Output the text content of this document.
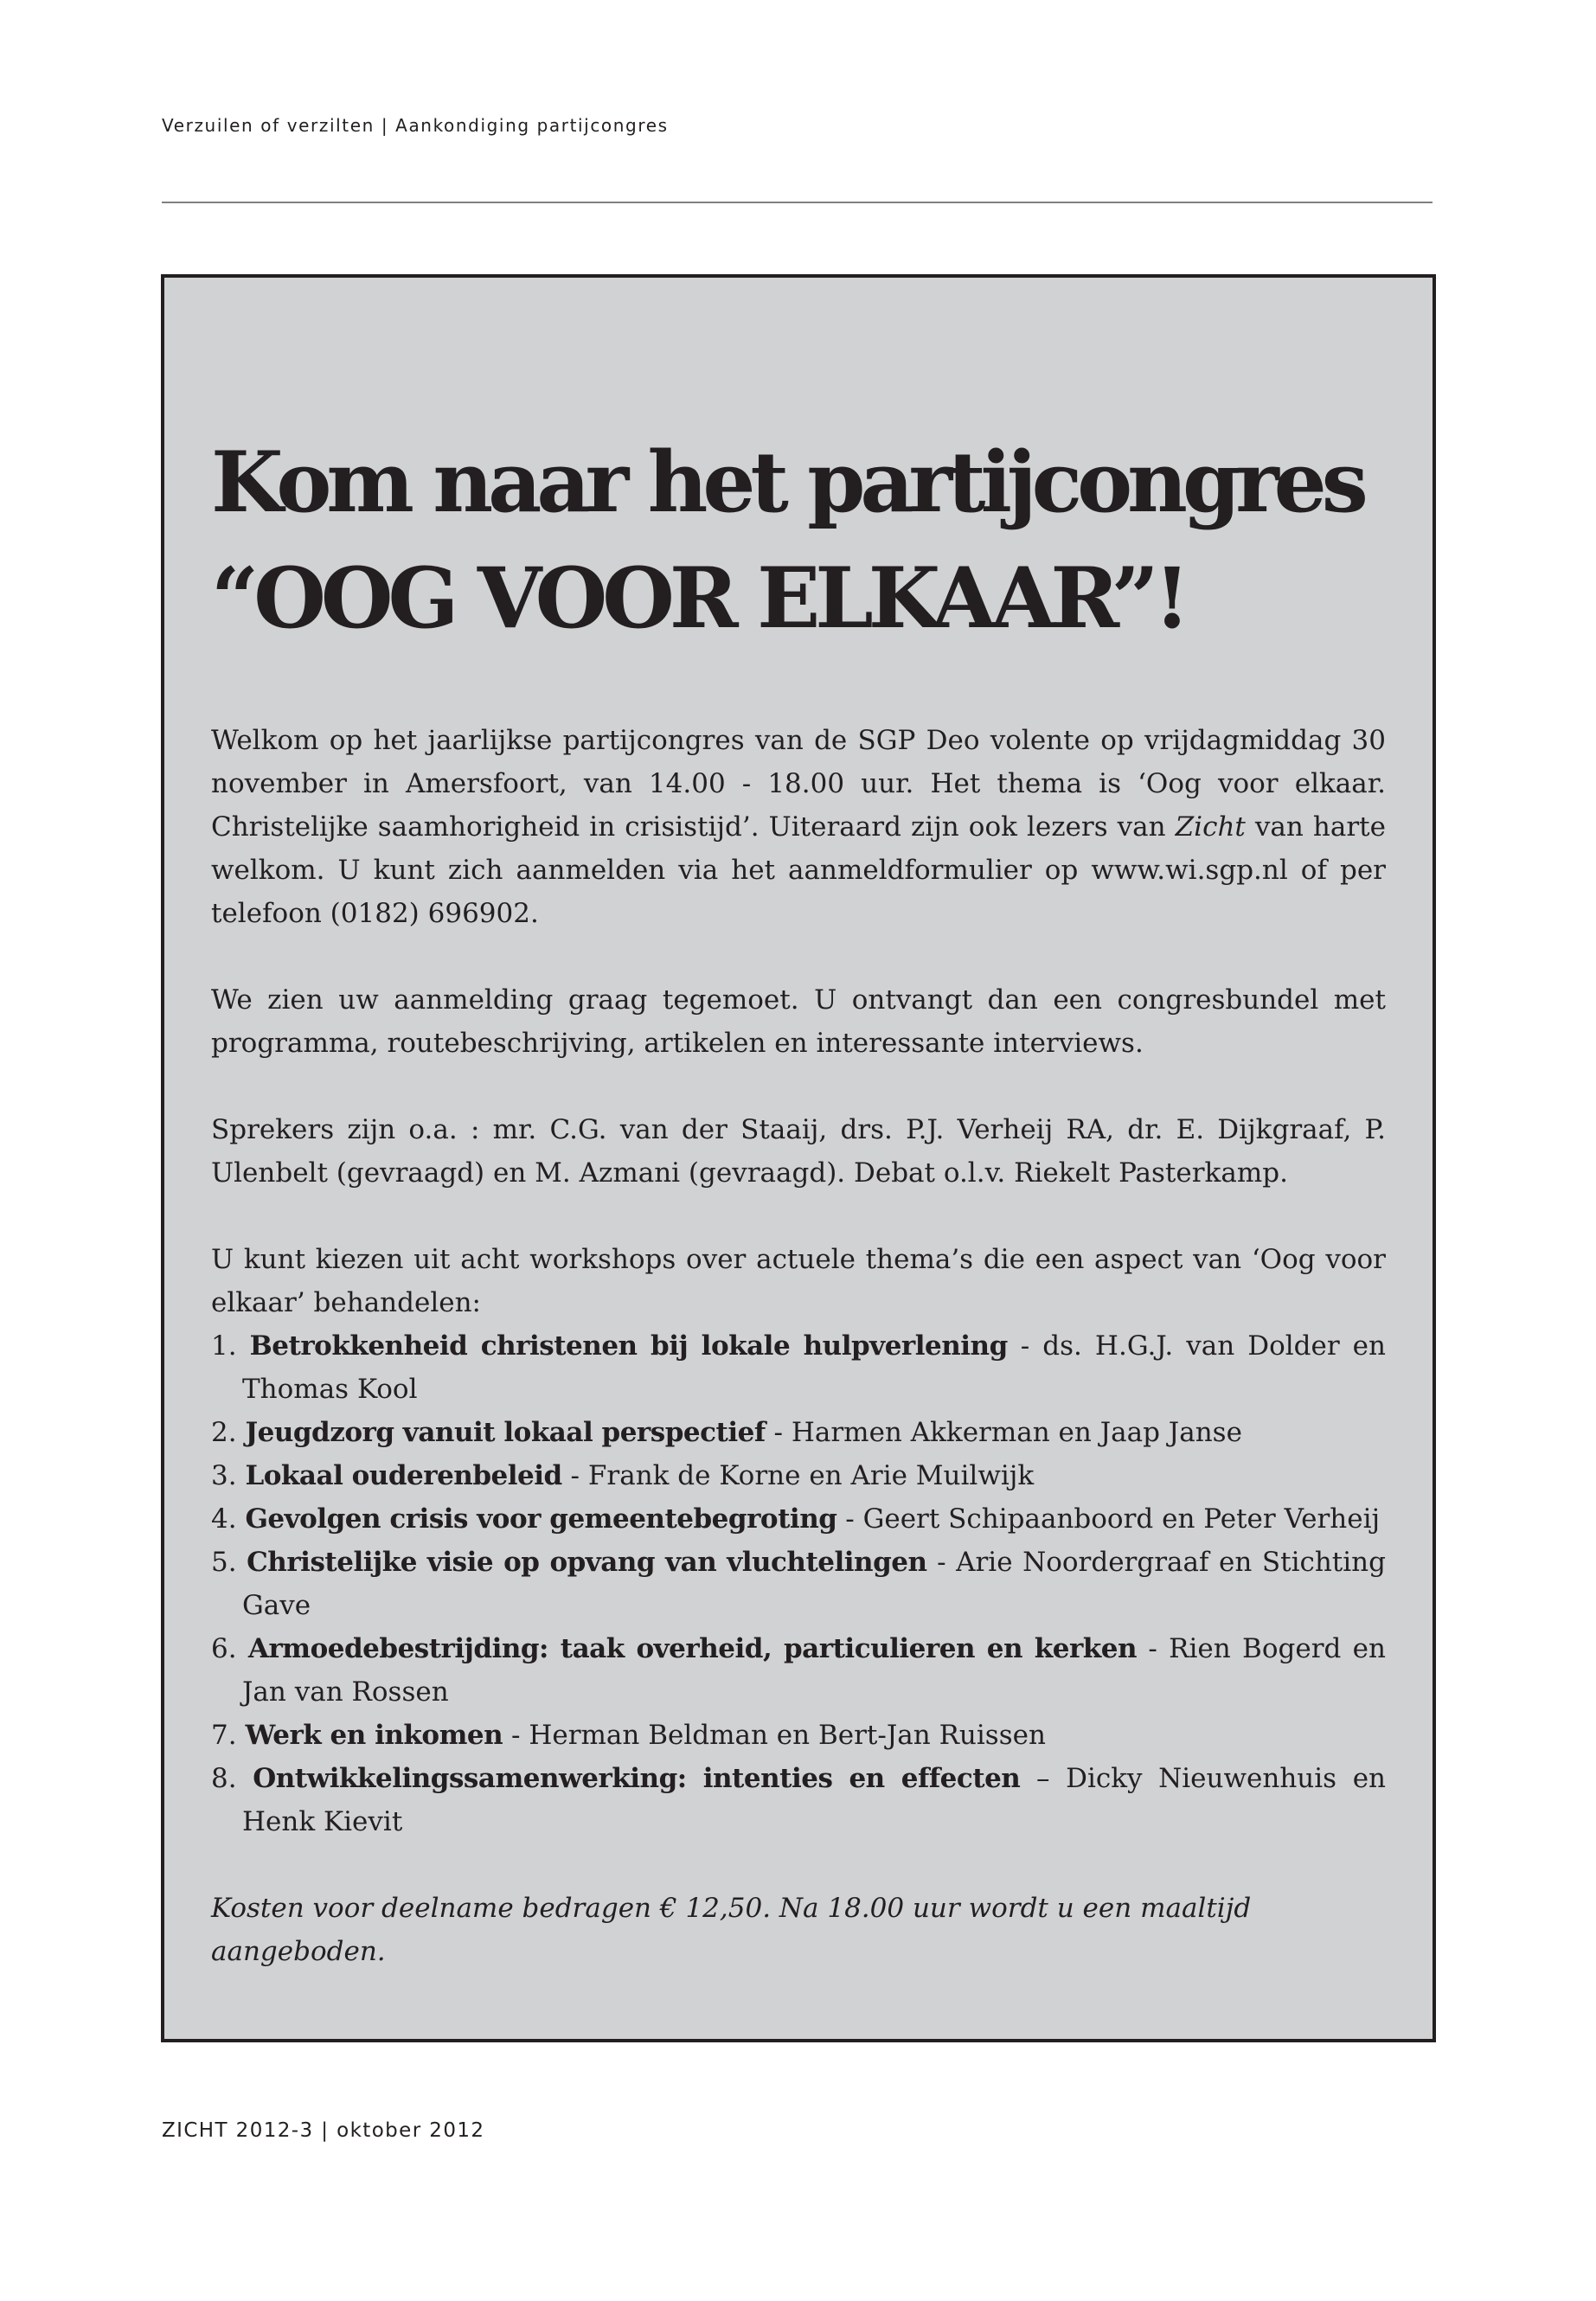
Verzuilen of verzilten | Aankondiging partijcongres
Kom naar het partijcongres
“OOG VOOR ELKAAR”!

Welkom op het jaarlijkse partijcongres van de SGP Deo volente op vrijdagmiddag 30 november in Amersfoort, van 14.00 - 18.00 uur. Het thema is ‘Oog voor elkaar. Christelijke saamhorigheid in crisistijd’. Uiteraard zijn ook lezers van Zicht van harte welkom. U kunt zich aanmelden via het aanmeldformulier op www.wi.sgp.nl of per telefoon (0182) 696902.

We zien uw aanmelding graag tegemoet. U ontvangt dan een congresbundel met programma, routebeschrijving, artikelen en interessante interviews.

Sprekers zijn o.a. : mr. C.G. van der Staaij, drs. P.J. Verheij RA, dr. E. Dijkgraaf, P. Ulenbelt (gevraagd) en M. Azmani (gevraagd). Debat o.l.v. Riekelt Pasterkamp.

U kunt kiezen uit acht workshops over actuele thema’s die een aspect van ‘Oog voor elkaar’ behandelen:

1. Betrokkenheid christenen bij lokale hulpverlening - ds. H.G.J. van Dolder en Thomas Kool
2. Jeugdzorg vanuit lokaal perspectief - Harmen Akkerman en Jaap Janse
3. Lokaal ouderenbeleid - Frank de Korne en Arie Muilwijk
4. Gevolgen crisis voor gemeentebegroting - Geert Schipaanboord en Peter Verheij
5. Christelijke visie op opvang van vluchtelingen - Arie Noordergraaf en Stichting Gave
6. Armoedebestrijding: taak overheid, particulieren en kerken - Rien Bogerd en Jan van Rossen
7. Werk en inkomen - Herman Beldman en Bert-Jan Ruissen
8. Ontwikkelingssamenwerking: intenties en effecten – Dicky Nieuwenhuis en Henk Kievit

Kosten voor deelname bedragen € 12,50. Na 18.00 uur wordt u een maaltijd aangeboden.

ZICHT 2012-3 | oktober 2012
